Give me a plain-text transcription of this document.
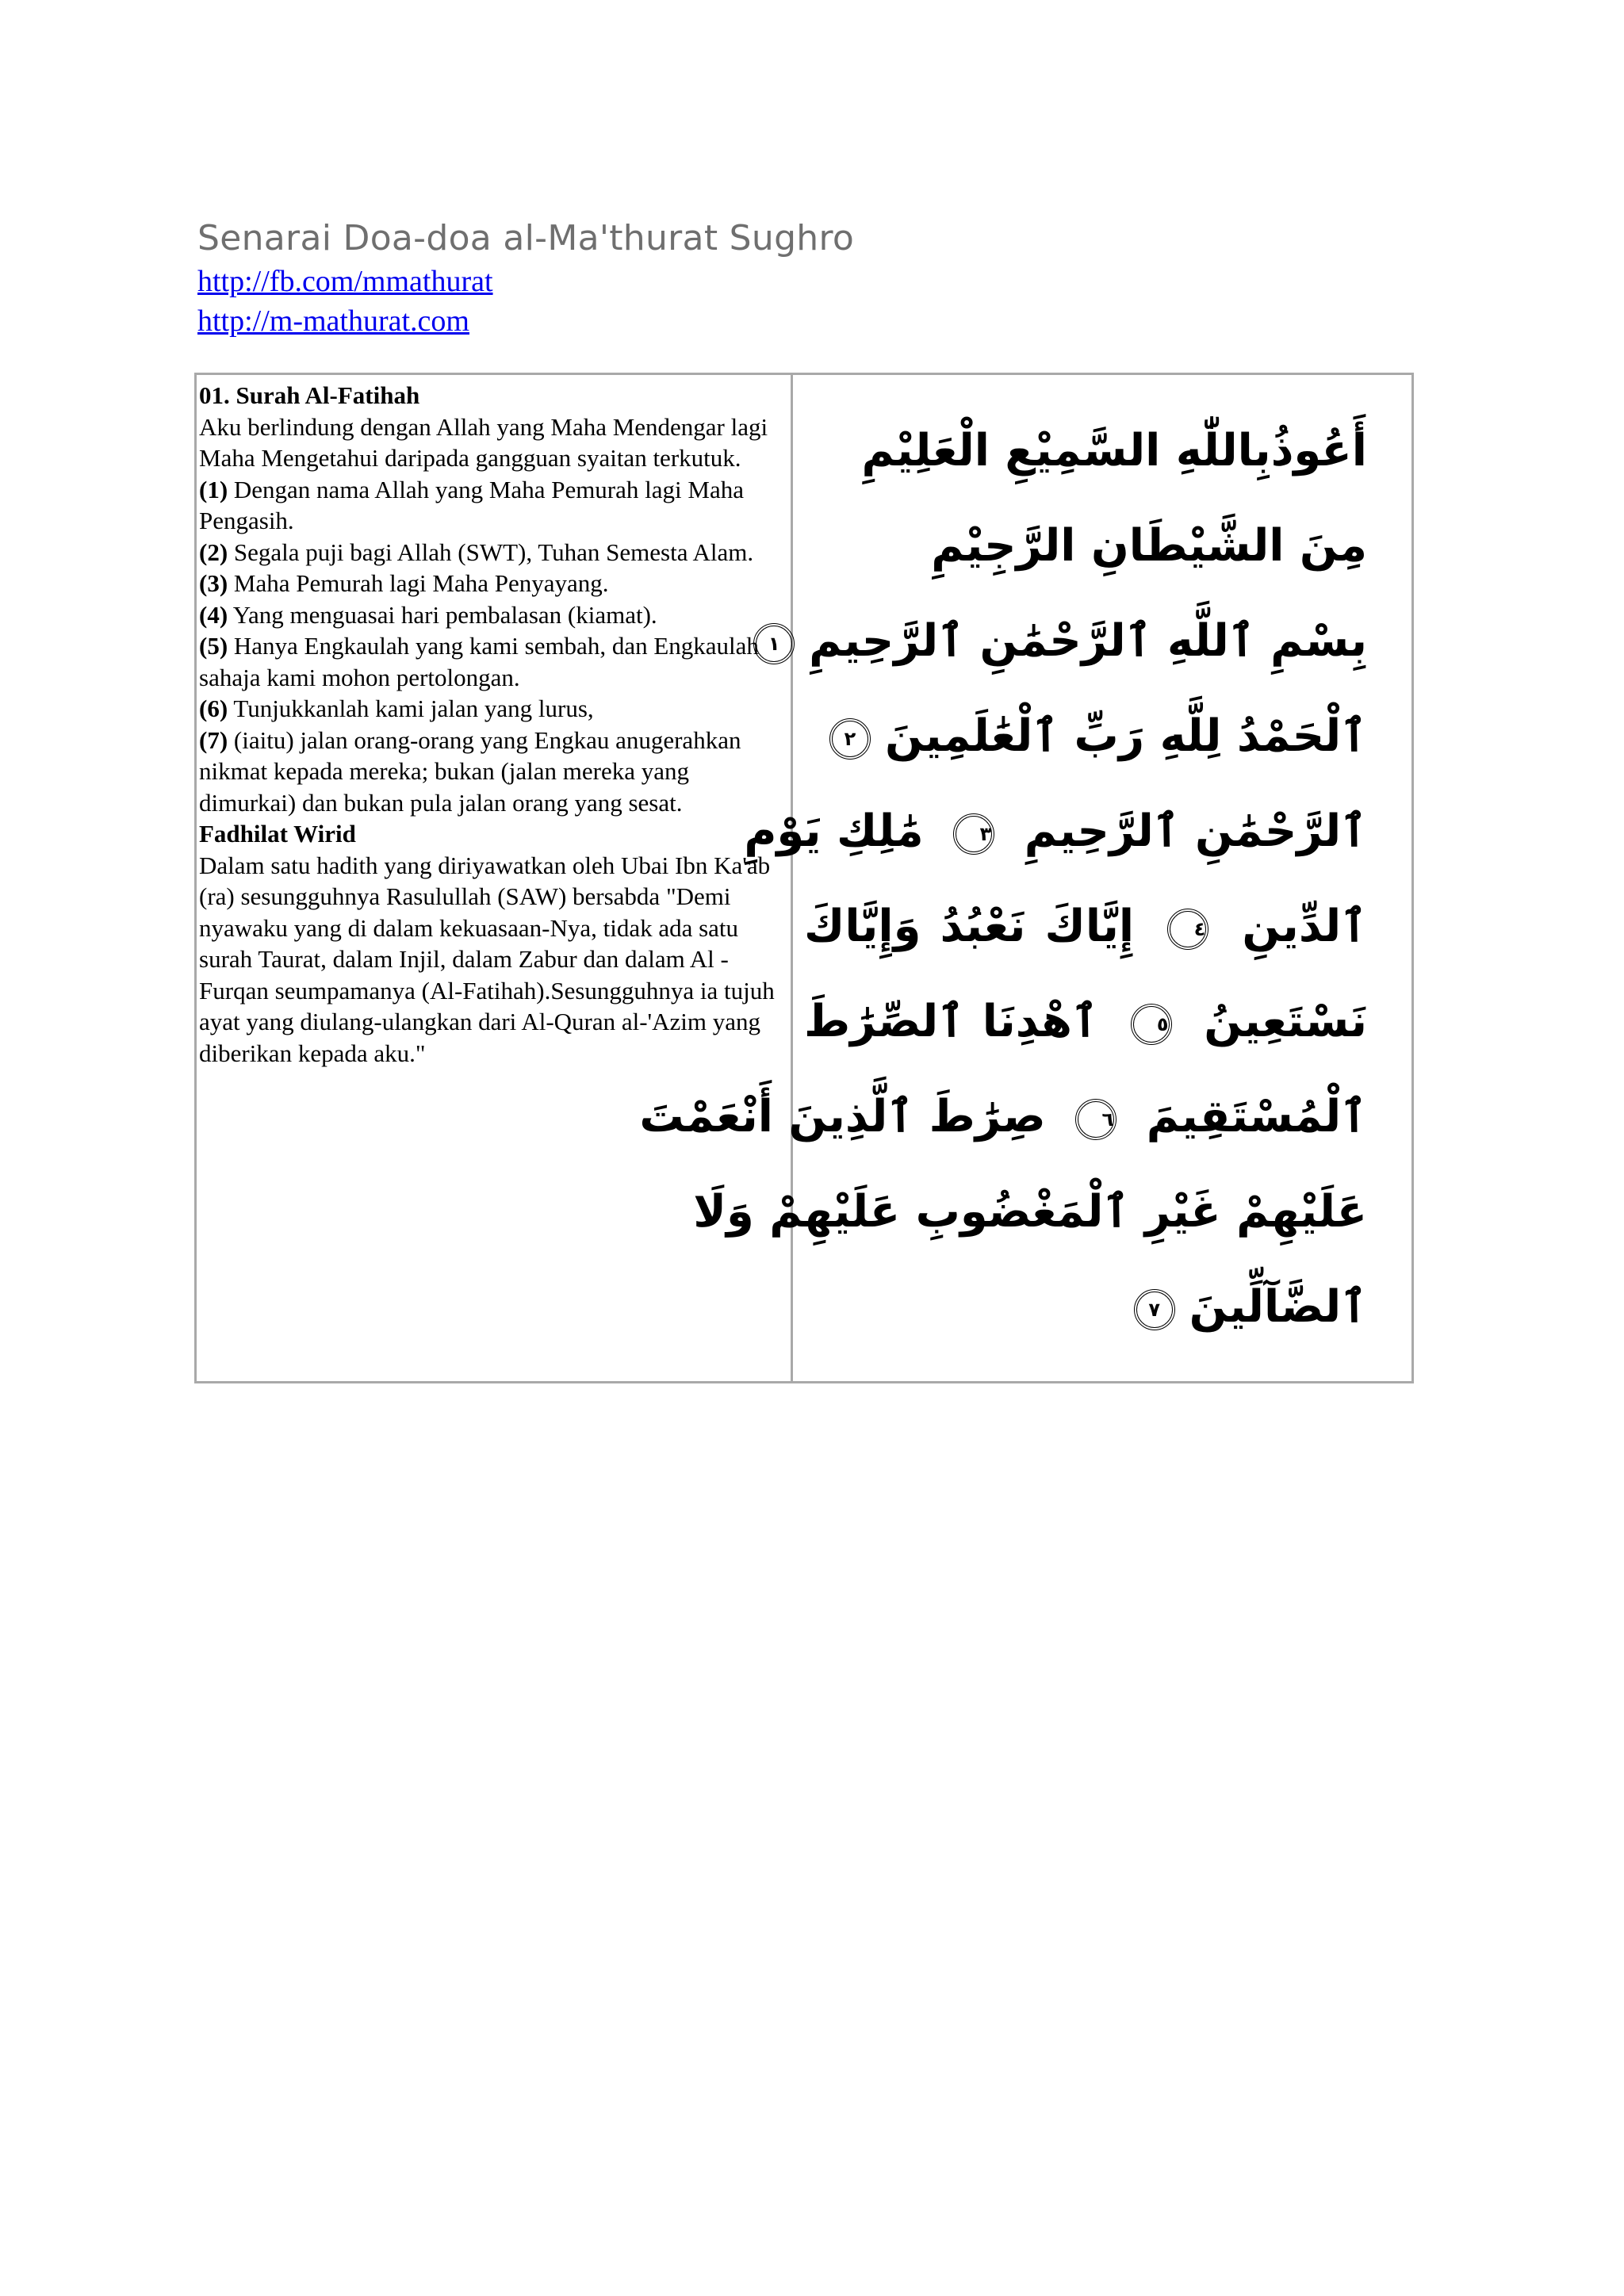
Senarai Doa-doa al-Ma'thurat Sughro
http://fb.com/mmathurat
http://m-mathurat.com

01. Surah Al-Fatihah

Aku berlindung dengan Allah yang Maha Mendengar lagi Maha Mengetahui daripada gangguan syaitan terkutuk.

(1) Dengan nama Allah yang Maha Pemurah lagi Maha Pengasih.

(2) Segala puji bagi Allah (SWT), Tuhan Semesta Alam.

(3) Maha Pemurah lagi Maha Penyayang.

(4) Yang menguasai hari pembalasan (kiamat).

(5) Hanya Engkaulah yang kami sembah, dan Engkaulah sahaja kami mohon pertolongan.

(6) Tunjukkanlah kami jalan yang lurus,

(7) (iaitu) jalan orang-orang yang Engkau anugerahkan nikmat kepada mereka; bukan (jalan mereka yang dimurkai) dan bukan pula jalan orang yang sesat.

Fadhilat Wirid

Dalam satu hadith yang diriyawatkan oleh Ubai Ibn Ka'ab (ra) sesungguhnya Rasulullah (SAW) bersabda "Demi nyawaku yang di dalam kekuasaan-Nya, tidak ada satu surah Taurat, dalam Injil, dalam Zabur dan dalam Al - Furqan seumpamanya (Al-Fatihah).Sesungguhnya ia tujuh ayat yang diulang-ulangkan dari Al-Quran al-'Azim yang diberikan kepada aku."

أَعُوذُبِاللّٰهِ السَّمِيْعِ الْعَلِيْمِ
مِنَ الشَّيْطَانِ الرَّجِيْمِ
بِسْمِ ٱللَّهِ ٱلرَّحْمَٰنِ ٱلرَّحِيمِ١
ٱلْحَمْدُ لِلَّهِ رَبِّ ٱلْعَٰلَمِينَ٢
ٱلرَّحْمَٰنِ ٱلرَّحِيمِ ٣ مَٰلِكِ يَوْمِ
ٱلدِّينِ ٤ إِيَّاكَ نَعْبُدُ وَإِيَّاكَ
نَسْتَعِينُ ٥ ٱهْدِنَا ٱلصِّرَٰطَ
ٱلْمُسْتَقِيمَ ٦ صِرَٰطَ ٱلَّذِينَ أَنْعَمْتَ
عَلَيْهِمْ غَيْرِ ٱلْمَغْضُوبِ عَلَيْهِمْ وَلَا
ٱلضَّآلِّينَ٧
